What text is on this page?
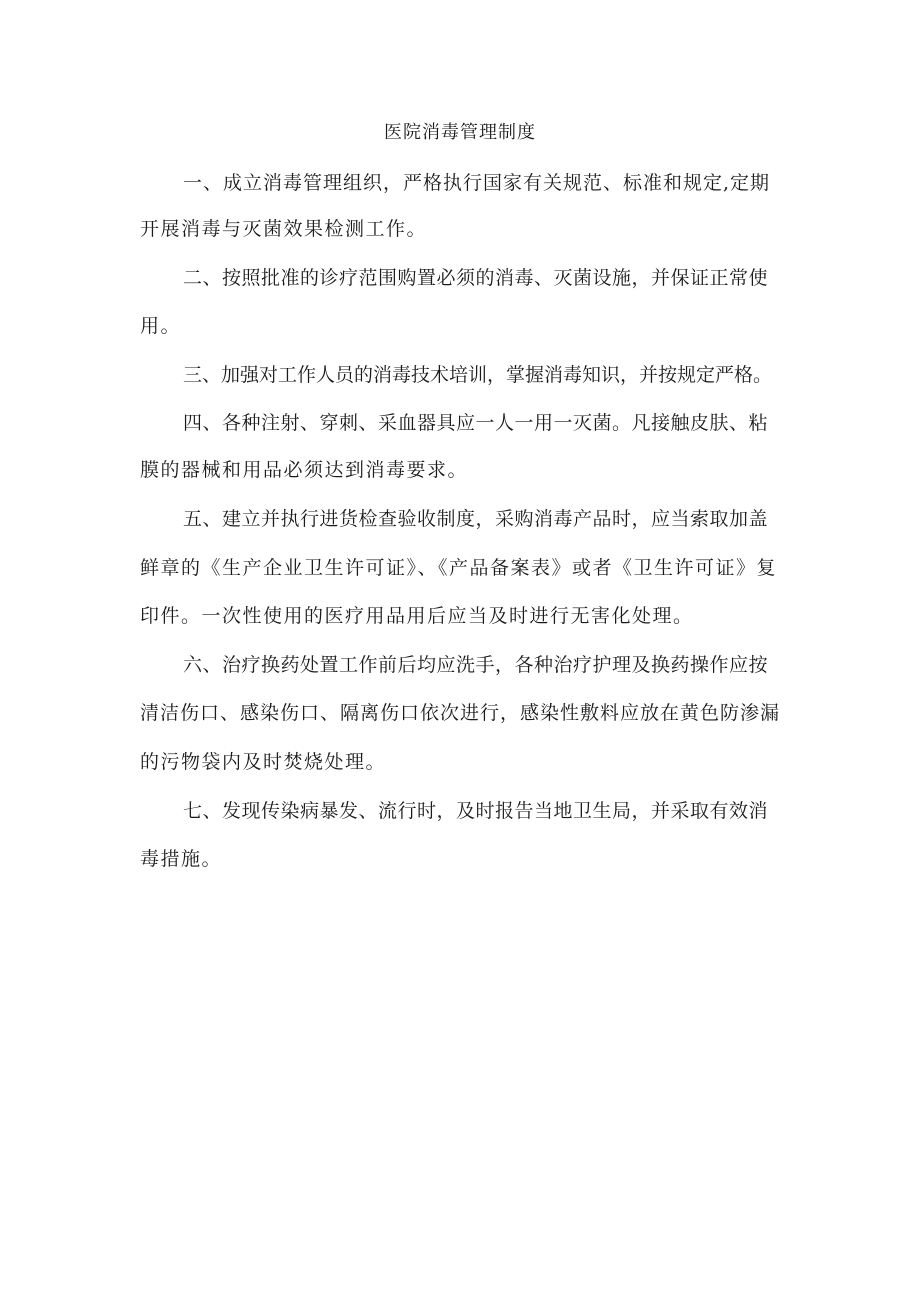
医院消毒管理制度
一、成立消毒管理组织，严格执行国家有关规范、标准和规定,定期
开展消毒与灭菌效果检测工作。
二、按照批准的诊疗范围购置必须的消毒、灭菌设施，并保证正常使
用。
三、加强对工作人员的消毒技术培训，掌握消毒知识，并按规定严格。
四、各种注射、穿刺、采血器具应一人一用一灭菌。凡接触皮肤、粘
膜的器械和用品必须达到消毒要求。
五、建立并执行进货检查验收制度，采购消毒产品时，应当索取加盖
鲜章的《生产企业卫生许可证》、《产品备案表》或者《卫生许可证》复
印件。一次性使用的医疗用品用后应当及时进行无害化处理。
六、治疗换药处置工作前后均应洗手，各种治疗护理及换药操作应按
清洁伤口、感染伤口、隔离伤口依次进行，感染性敷料应放在黄色防渗漏
的污物袋内及时焚烧处理。
七、发现传染病暴发、流行时，及时报告当地卫生局，并采取有效消
毒措施。
